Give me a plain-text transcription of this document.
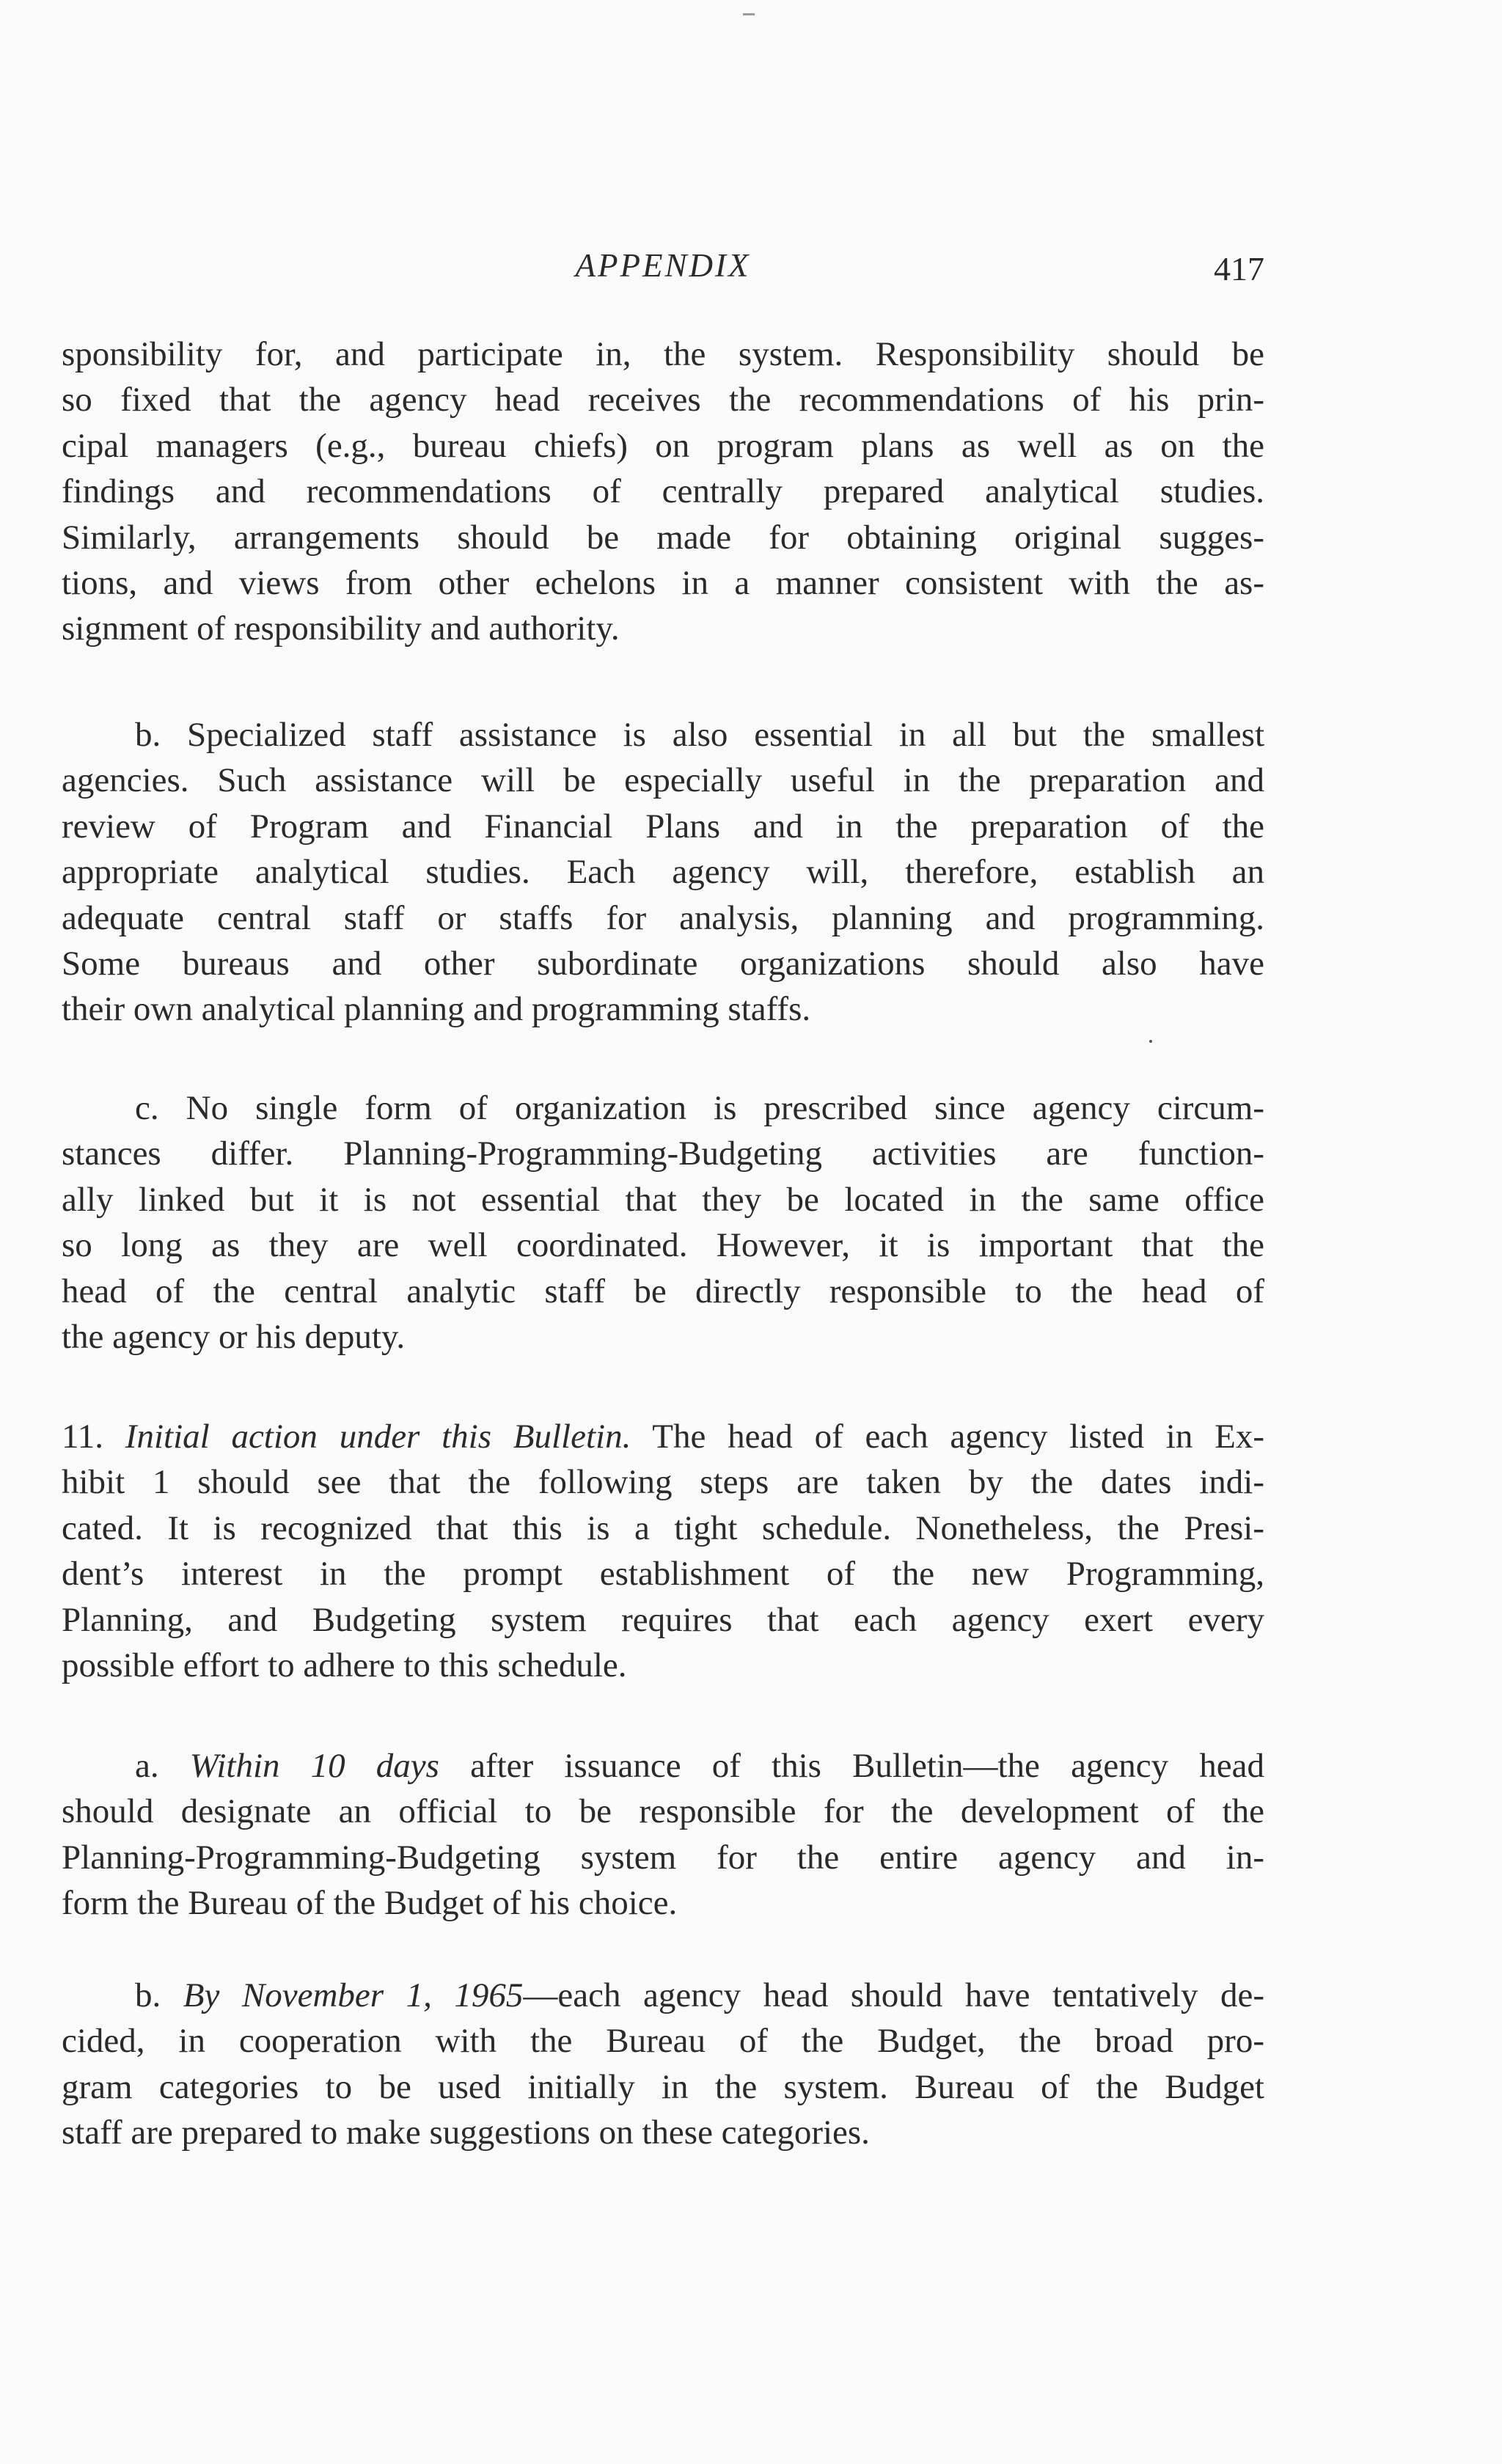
APPENDIX	417
sponsibility for, and participate in, the system. Responsibility should be
so fixed that the agency head receives the recommendations of his prin-
cipal managers (e.g., bureau chiefs) on program plans as well as on the
findings and recommendations of centrally prepared analytical studies.
Similarly, arrangements should be made for obtaining original sugges-
tions, and views from other echelons in a manner consistent with the as-
signment of responsibility and authority.
b. Specialized staff assistance is also essential in all but the smallest
agencies. Such assistance will be especially useful in the preparation and
review of Program and Financial Plans and in the preparation of the
appropriate analytical studies. Each agency will, therefore, establish an
adequate central staff or staffs for analysis, planning and programming.
Some bureaus and other subordinate organizations should also have
their own analytical planning and programming staffs.
c. No single form of organization is prescribed since agency circum-
stances differ. Planning-Programming-Budgeting activities are function-
ally linked but it is not essential that they be located in the same office
so long as they are well coordinated. However, it is important that the
head of the central analytic staff be directly responsible to the head of
the agency or his deputy.
11. Initial action under this Bulletin. The head of each agency listed in Ex-
hibit 1 should see that the following steps are taken by the dates indi-
cated. It is recognized that this is a tight schedule. Nonetheless, the Presi-
dent’s interest in the prompt establishment of the new Programming,
Planning, and Budgeting system requires that each agency exert every
possible effort to adhere to this schedule.
a. Within 10 days after issuance of this Bulletin—the agency head
should designate an official to be responsible for the development of the
Planning-Programming-Budgeting system for the entire agency and in-
form the Bureau of the Budget of his choice.
b. By November 1, 1965—each agency head should have tentatively de-
cided, in cooperation with the Bureau of the Budget, the broad pro-
gram categories to be used initially in the system. Bureau of the Budget
staff are prepared to make suggestions on these categories.
